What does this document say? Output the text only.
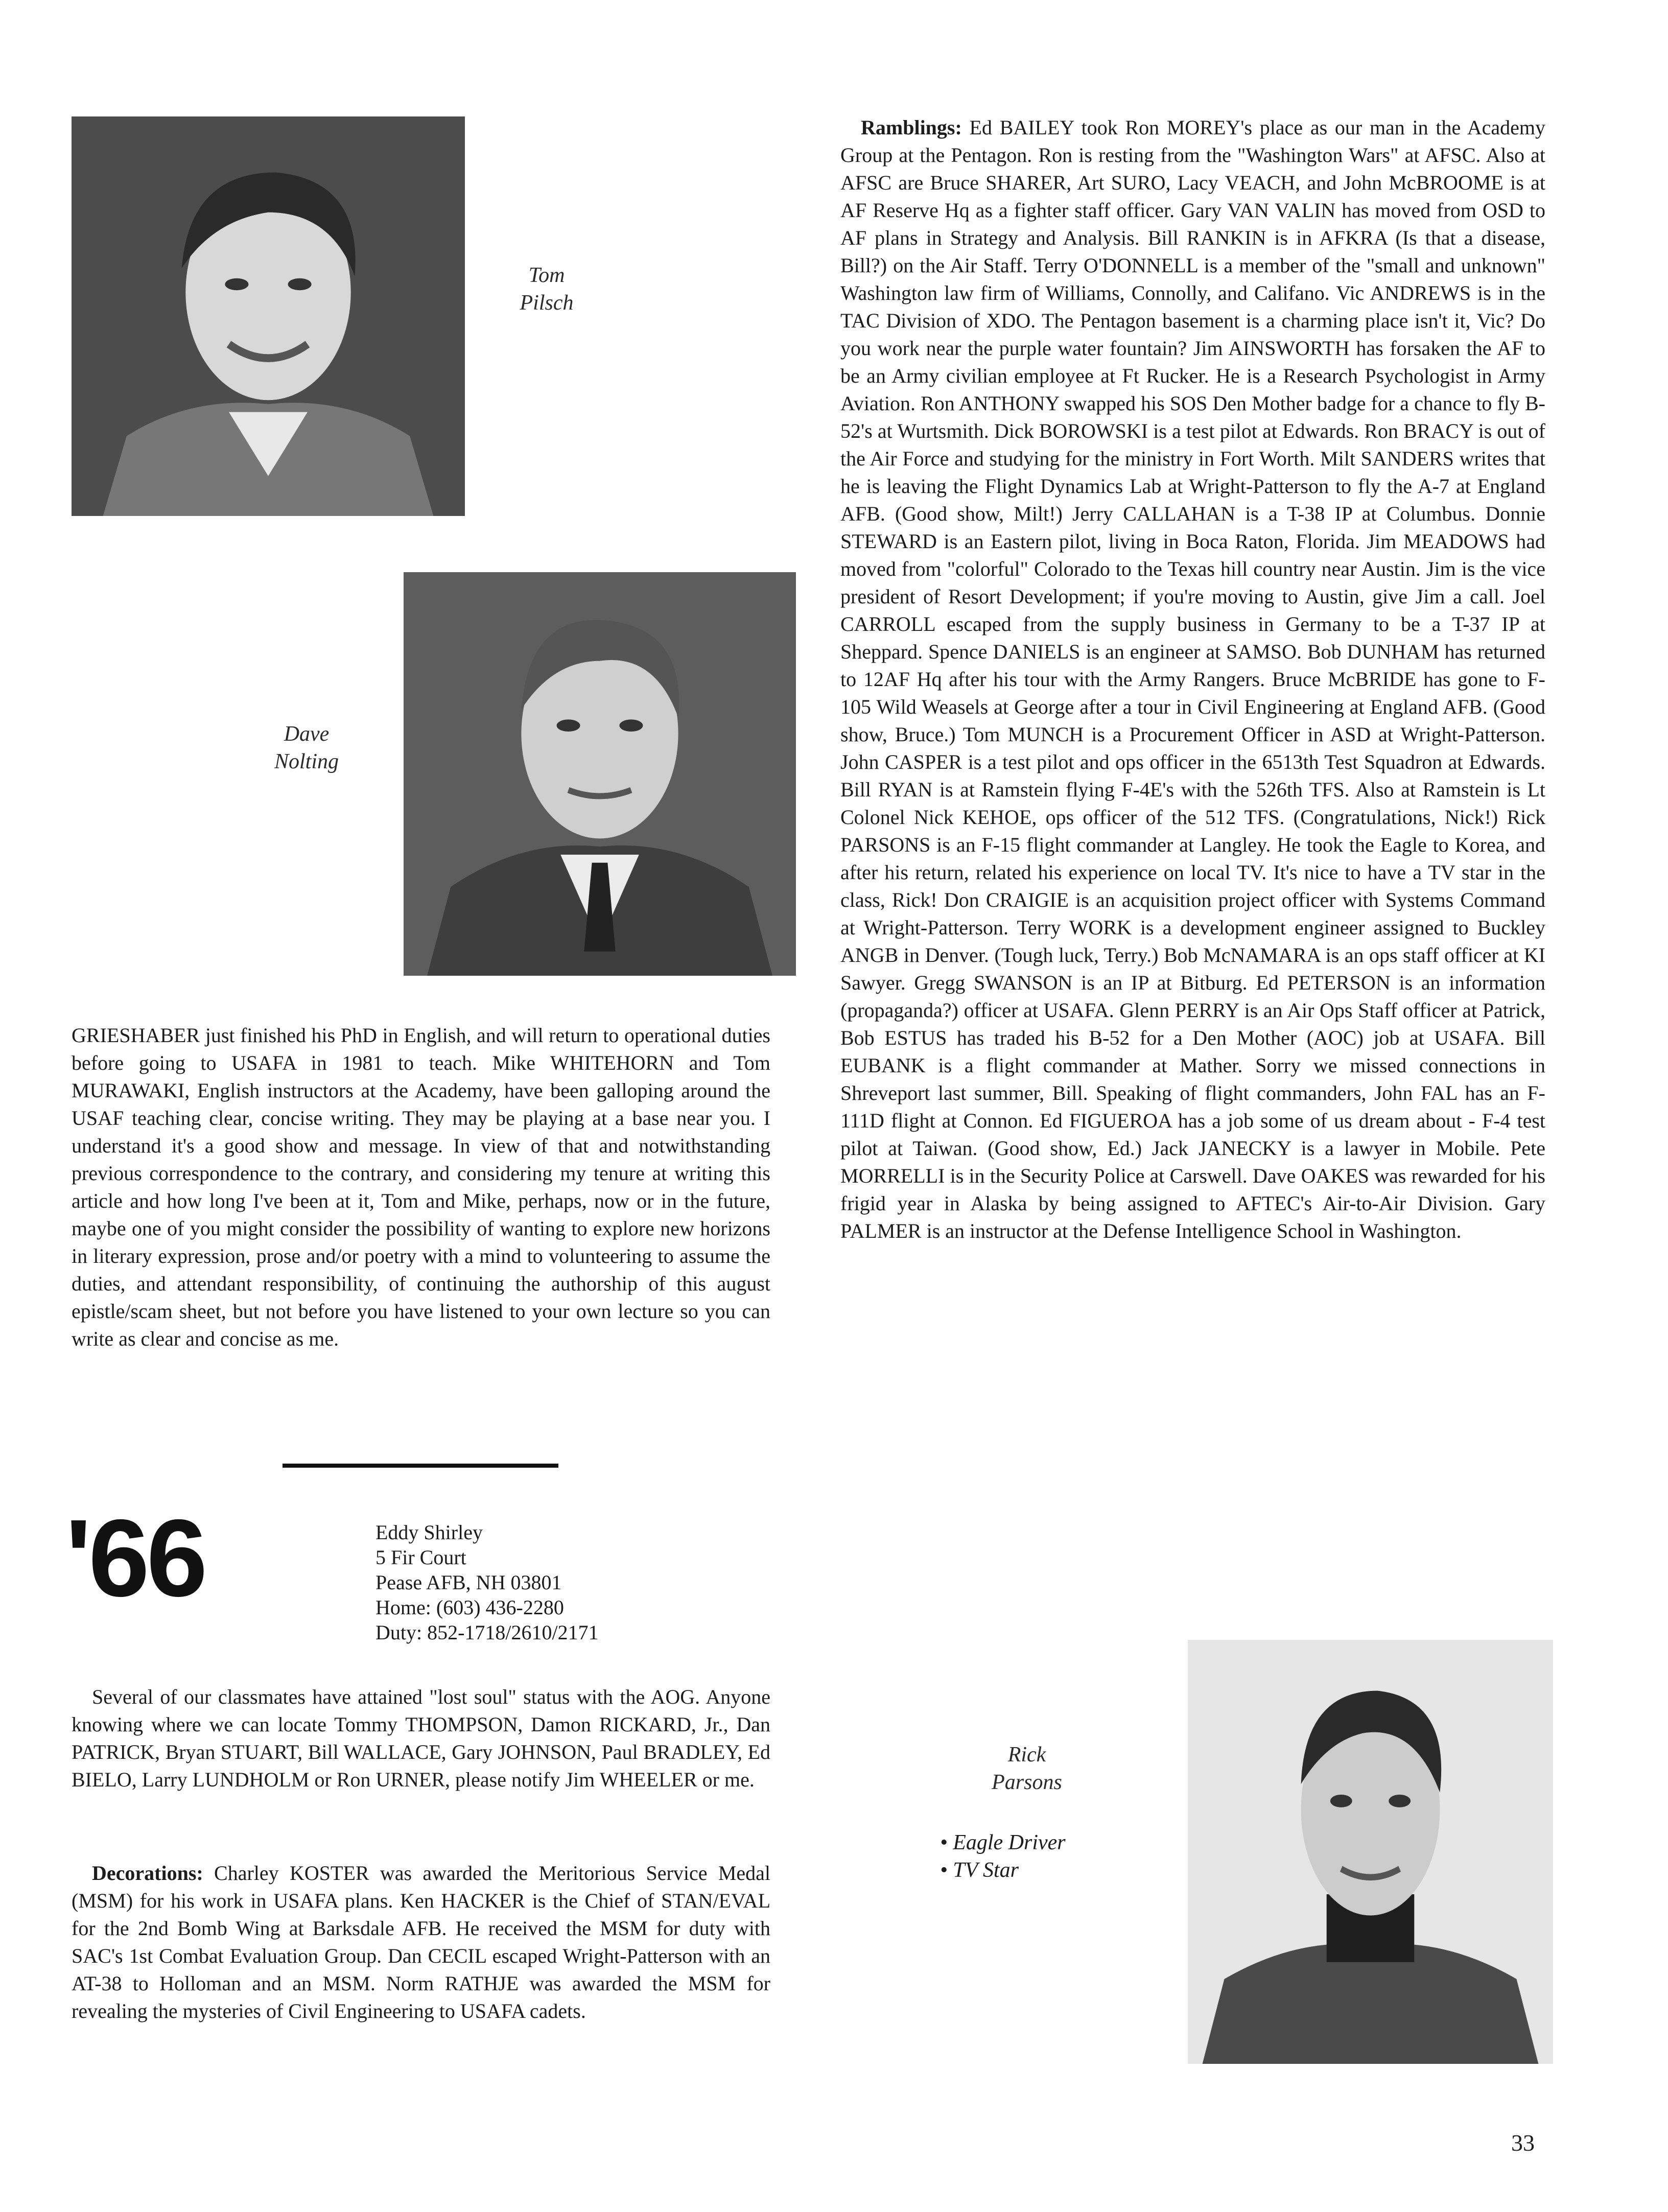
Tom
Pilsch
Dave
Nolting

GRIESHABER just finished his PhD in English, and will return to operational duties before going to USAFA in 1981 to teach. Mike WHITEHORN and Tom MURAWAKI, English instructors at the Academy, have been galloping around the USAF teaching clear, concise writing. They may be playing at a base near you. I understand it's a good show and message. In view of that and notwithstanding previous correspondence to the contrary, and considering my tenure at writing this article and how long I've been at it, Tom and Mike, perhaps, now or in the future, maybe one of you might consider the possibility of wanting to explore new horizons in literary expression, prose and/or poetry with a mind to volunteering to assume the duties, and attendant responsibility, of continuing the authorship of this august epistle/scam sheet, but not before you have listened to your own lecture so you can write as clear and concise as me.

'66	Eddy Shirley
5 Fir Court
Pease AFB, NH 03801
Home: (603) 436-2280
Duty: 852-1718/2610/2171

Several of our classmates have attained "lost soul" status with the AOG. Anyone knowing where we can locate Tommy THOMPSON, Damon RICKARD, Jr., Dan PATRICK, Bryan STUART, Bill WALLACE, Gary JOHNSON, Paul BRADLEY, Ed BIELO, Larry LUNDHOLM or Ron URNER, please notify Jim WHEELER or me.

Decorations: Charley KOSTER was awarded the Meritorious Service Medal (MSM) for his work in USAFA plans. Ken HACKER is the Chief of STAN/EVAL for the 2nd Bomb Wing at Barksdale AFB. He received the MSM for duty with SAC's 1st Combat Evaluation Group. Dan CECIL escaped Wright-Patterson with an AT-38 to Holloman and an MSM. Norm RATHJE was awarded the MSM for revealing the mysteries of Civil Engineering to USAFA cadets.

Ramblings: Ed BAILEY took Ron MOREY's place as our man in the Academy Group at the Pentagon. Ron is resting from the "Washington Wars" at AFSC. Also at AFSC are Bruce SHARER, Art SURO, Lacy VEACH, and John McBROOME is at AF Reserve Hq as a fighter staff officer. Gary VAN VALIN has moved from OSD to AF plans in Strategy and Analysis. Bill RANKIN is in AFKRA (Is that a disease, Bill?) on the Air Staff. Terry O'DONNELL is a member of the "small and unknown" Washington law firm of Williams, Connolly, and Califano. Vic ANDREWS is in the TAC Division of XDO. The Pentagon basement is a charming place isn't it, Vic? Do you work near the purple water fountain? Jim AINSWORTH has forsaken the AF to be an Army civilian employee at Ft Rucker. He is a Research Psychologist in Army Aviation. Ron ANTHONY swapped his SOS Den Mother badge for a chance to fly B-52's at Wurtsmith. Dick BOROWSKI is a test pilot at Edwards. Ron BRACY is out of the Air Force and studying for the ministry in Fort Worth. Milt SANDERS writes that he is leaving the Flight Dynamics Lab at Wright-Patterson to fly the A-7 at England AFB. (Good show, Milt!) Jerry CALLAHAN is a T-38 IP at Columbus. Donnie STEWARD is an Eastern pilot, living in Boca Raton, Florida. Jim MEADOWS had moved from "colorful" Colorado to the Texas hill country near Austin. Jim is the vice president of Resort Development; if you're moving to Austin, give Jim a call. Joel CARROLL escaped from the supply business in Germany to be a T-37 IP at Sheppard. Spence DANIELS is an engineer at SAMSO. Bob DUNHAM has returned to 12AF Hq after his tour with the Army Rangers. Bruce McBRIDE has gone to F-105 Wild Weasels at George after a tour in Civil Engineering at England AFB. (Good show, Bruce.) Tom MUNCH is a Procurement Officer in ASD at Wright-Patterson. John CASPER is a test pilot and ops officer in the 6513th Test Squadron at Edwards. Bill RYAN is at Ramstein flying F-4E's with the 526th TFS. Also at Ramstein is Lt Colonel Nick KEHOE, ops officer of the 512 TFS. (Congratulations, Nick!) Rick PARSONS is an F-15 flight commander at Langley. He took the Eagle to Korea, and after his return, related his experience on local TV. It's nice to have a TV star in the class, Rick! Don CRAIGIE is an acquisition project officer with Systems Command at Wright-Patterson. Terry WORK is a development engineer assigned to Buckley ANGB in Denver. (Tough luck, Terry.) Bob McNAMARA is an ops staff officer at KI Sawyer. Gregg SWANSON is an IP at Bitburg. Ed PETERSON is an information (propaganda?) officer at USAFA. Glenn PERRY is an Air Ops Staff officer at Patrick, Bob ESTUS has traded his B-52 for a Den Mother (AOC) job at USAFA. Bill EUBANK is a flight commander at Mather. Sorry we missed connections in Shreveport last summer, Bill. Speaking of flight commanders, John FAL has an F-111D flight at Connon. Ed FIGUEROA has a job some of us dream about - F-4 test pilot at Taiwan. (Good show, Ed.) Jack JANECKY is a lawyer in Mobile. Pete MORRELLI is in the Security Police at Carswell. Dave OAKES was rewarded for his frigid year in Alaska by being assigned to AFTEC's Air-to-Air Division. Gary PALMER is an instructor at the Defense Intelligence School in Washington.

Rick
Parsons
• Eagle Driver
• TV Star
33
